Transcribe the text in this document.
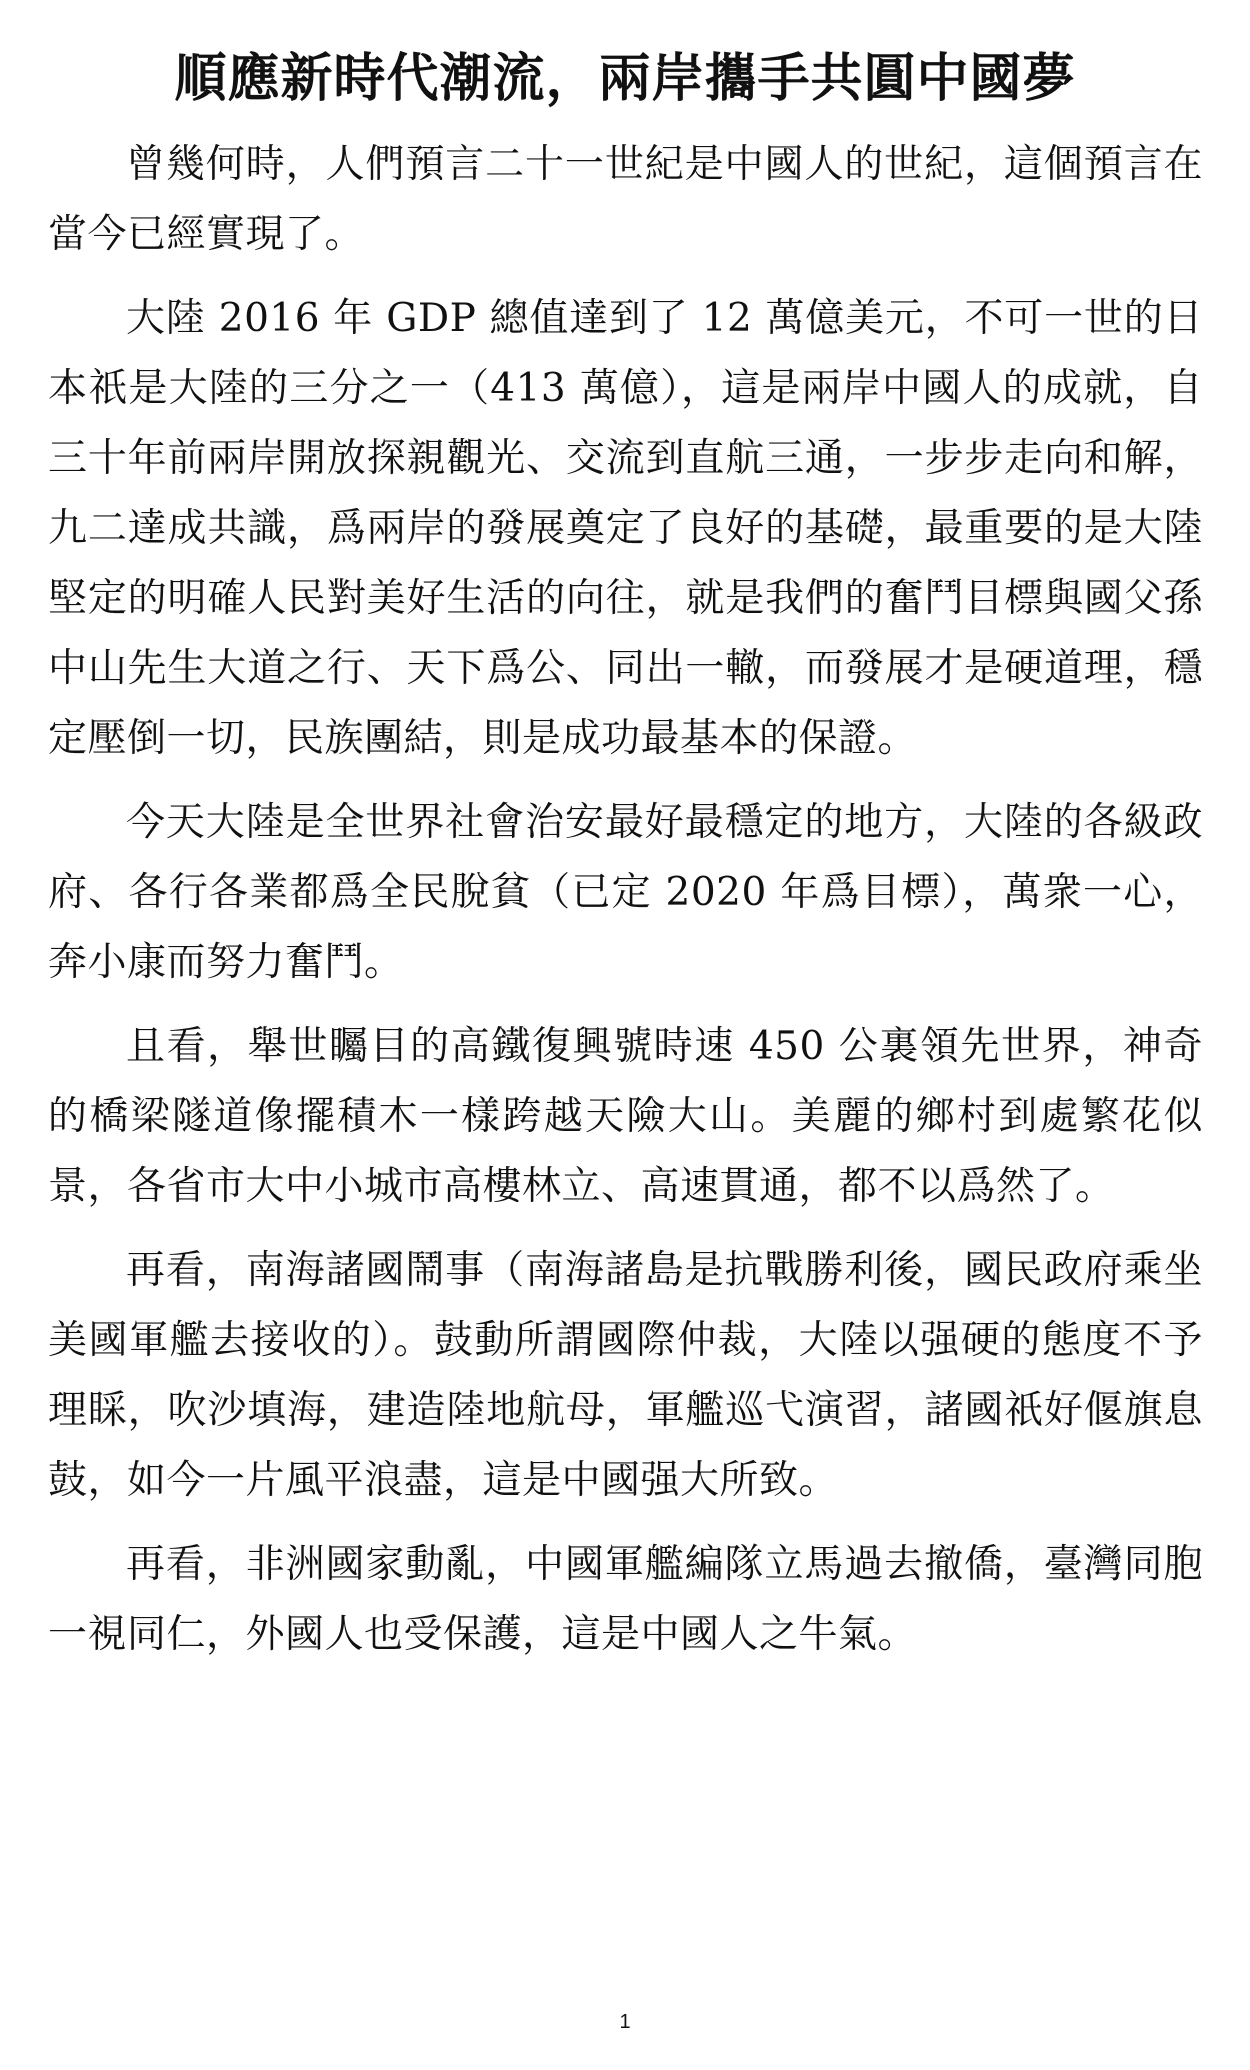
順應新時代潮流，兩岸攜手共圓中國夢

曾幾何時，人們預言二十一世紀是中國人的世紀，這個預言在當今已經實現了。

大陸 2016 年 GDP 總值達到了 12 萬億美元，不可一世的日本祇是大陸的三分之一（413 萬億），這是兩岸中國人的成就，自三十年前兩岸開放探親觀光、交流到直航三通，一步步走向和解，九二達成共識，爲兩岸的發展奠定了良好的基礎，最重要的是大陸堅定的明確人民對美好生活的向往，就是我們的奮鬥目標與國父孫中山先生大道之行、天下爲公、同出一轍，而發展才是硬道理，穩定壓倒一切，民族團結，則是成功最基本的保證。

今天大陸是全世界社會治安最好最穩定的地方，大陸的各級政府、各行各業都爲全民脫貧（已定 2020 年爲目標），萬衆一心，奔小康而努力奮鬥。

且看，舉世矚目的高鐵復興號時速 450 公裏領先世界，神奇的橋梁隧道像擺積木一樣跨越天險大山。美麗的鄉村到處繁花似景，各省市大中小城市高樓林立、高速貫通，都不以爲然了。

再看，南海諸國鬧事（南海諸島是抗戰勝利後，國民政府乘坐美國軍艦去接收的）。鼓動所謂國際仲裁，大陸以强硬的態度不予理睬，吹沙填海，建造陸地航母，軍艦巡弋演習，諸國祇好偃旗息鼓，如今一片風平浪盡，這是中國强大所致。

再看，非洲國家動亂，中國軍艦編隊立馬過去撤僑，臺灣同胞一視同仁，外國人也受保護，這是中國人之牛氣。

1
